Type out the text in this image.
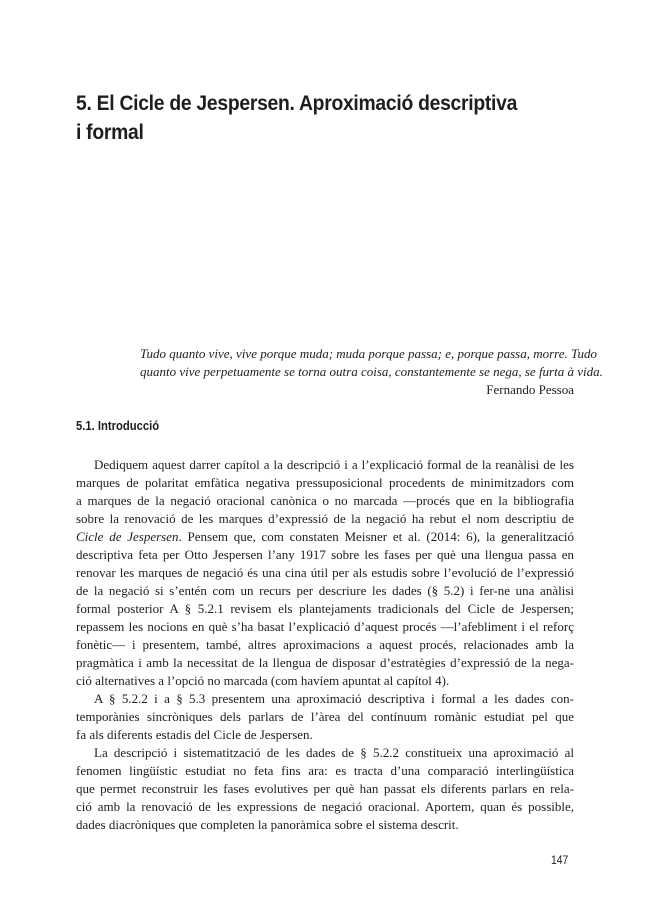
5. El Cicle de Jespersen. Aproximació descriptiva
i formal
Tudo quanto vive, vive porque muda; muda porque passa; e, porque passa, morre. Tudo
quanto vive perpetuamente se torna outra coisa, constantemente se nega, se furta à vida.
Fernando Pessoa
5.1. Introducció
Dediquem aquest darrer capítol a la descripció i a l’explicació formal de la reanàlisi de les
marques de polaritat emfàtica negativa pressuposicional procedents de minimitzadors com
a marques de la negació oracional canònica o no marcada —procés que en la bibliografia
sobre la renovació de les marques d’expressió de la negació ha rebut el nom descriptiu de
Cicle de Jespersen. Pensem que, com constaten Meisner et al. (2014: 6), la generalització
descriptiva feta per Otto Jespersen l’any 1917 sobre les fases per què una llengua passa en
renovar les marques de negació és una cina útil per als estudis sobre l’evolució de l’expressió
de la negació si s’entén com un recurs per descriure les dades (§ 5.2) i fer-ne una anàlisi
formal posterior A § 5.2.1 revisem els plantejaments tradicionals del Cicle de Jespersen;
repassem les nocions en què s’ha basat l’explicació d’aquest procés —l’afebliment i el reforç
fonètic— i presentem, també, altres aproximacions a aquest procés, relacionades amb la
pragmàtica i amb la necessitat de la llengua de disposar d’estratègies d’expressió de la nega-
ció alternatives a l’opció no marcada (com havíem apuntat al capítol 4).
A § 5.2.2 i a § 5.3 presentem una aproximació descriptiva i formal a les dades con-
temporànies sincròniques dels parlars de l’àrea del contínuum romànic estudiat pel que
fa als diferents estadis del Cicle de Jespersen.
La descripció i sistematització de les dades de § 5.2.2 constitueix una aproximació al
fenomen lingüístic estudiat no feta fins ara: es tracta d’una comparació interlingüística
que permet reconstruir les fases evolutives per què han passat els diferents parlars en rela-
ció amb la renovació de les expressions de negació oracional. Aportem, quan és possible,
dades diacròniques que completen la panoràmica sobre el sistema descrit.
147
